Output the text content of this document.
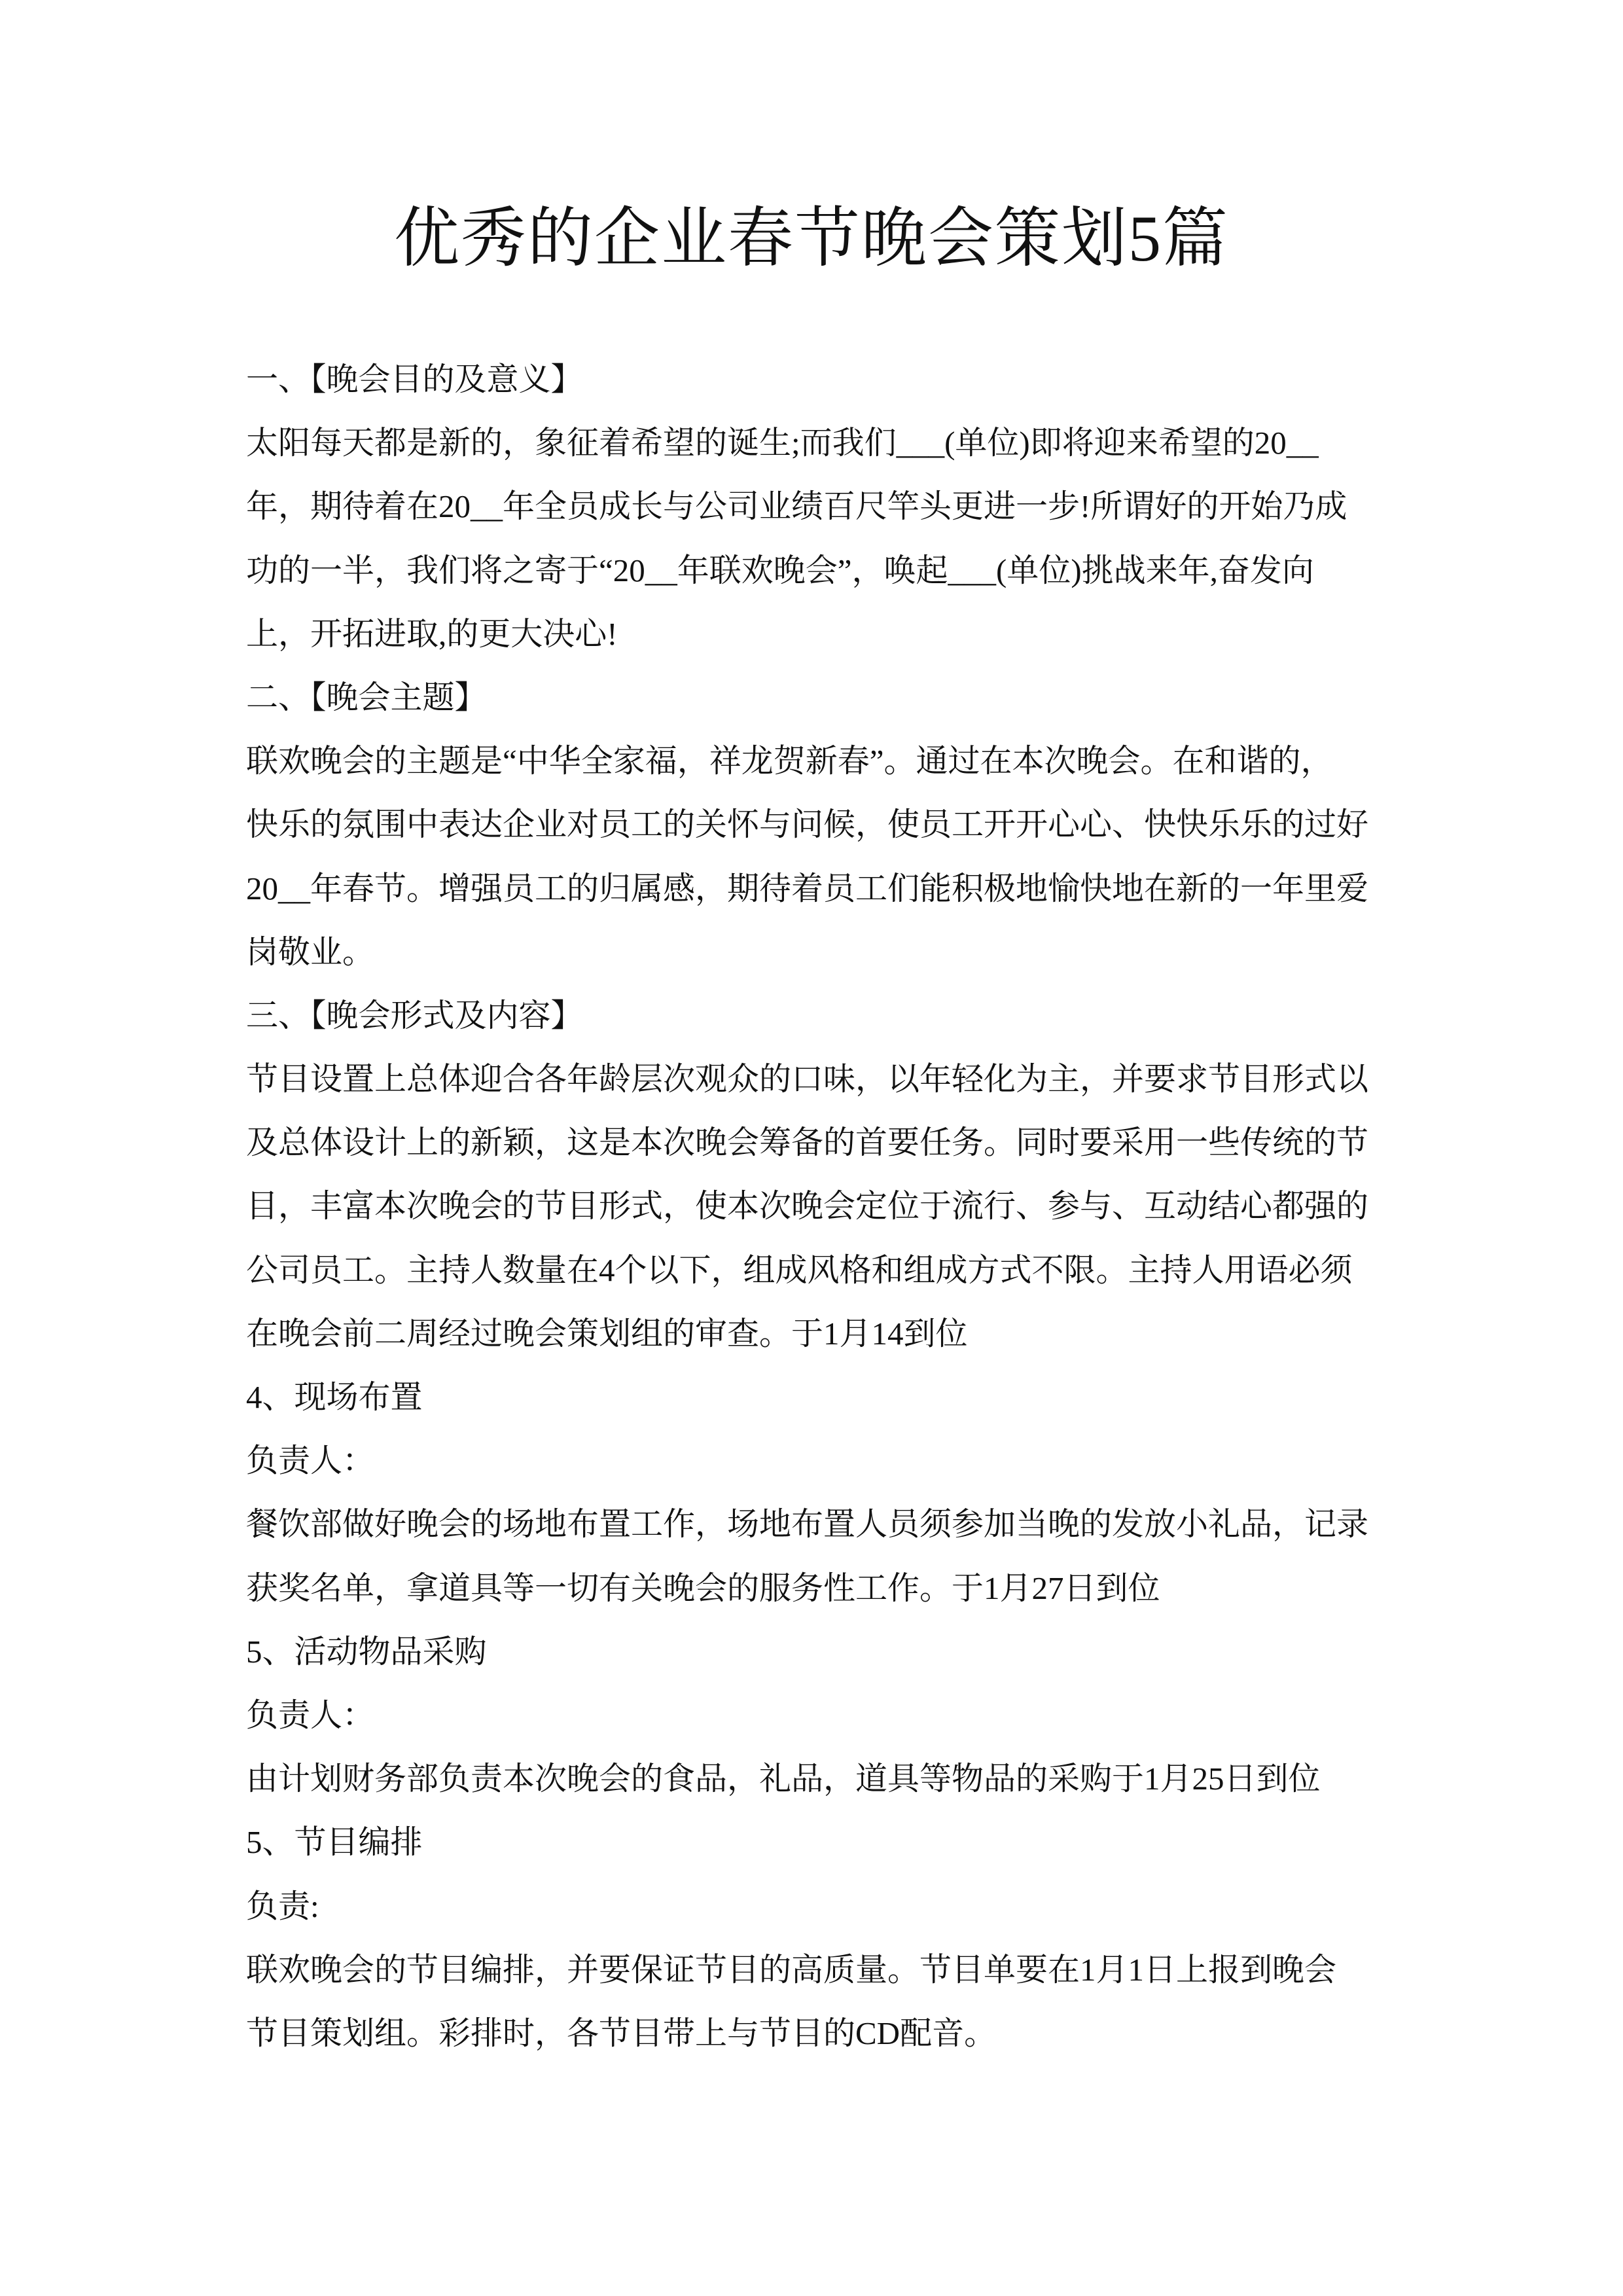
优秀的企业春节晚会策划5篇
一、【晚会目的及意义】
太阳每天都是新的，象征着希望的诞生;而我们___(单位)即将迎来希望的20__
年，期待着在20__年全员成长与公司业绩百尺竿头更进一步!所谓好的开始乃成
功的一半，我们将之寄于“20__年联欢晚会”，唤起___(单位)挑战来年,奋发向
上，开拓进取,的更大决心!
二、【晚会主题】
联欢晚会的主题是“中华全家福，祥龙贺新春”。通过在本次晚会。在和谐的，
快乐的氛围中表达企业对员工的关怀与问候，使员工开开心心、快快乐乐的过好
20__年春节。增强员工的归属感，期待着员工们能积极地愉快地在新的一年里爱
岗敬业。
三、【晚会形式及内容】
节目设置上总体迎合各年龄层次观众的口味，以年轻化为主，并要求节目形式以
及总体设计上的新颖，这是本次晚会筹备的首要任务。同时要采用一些传统的节
目，丰富本次晚会的节目形式，使本次晚会定位于流行、参与、互动结心都强的
公司员工。主持人数量在4个以下，组成风格和组成方式不限。主持人用语必须
在晚会前二周经过晚会策划组的审查。于1月14到位
4、现场布置
负责人：
餐饮部做好晚会的场地布置工作，场地布置人员须参加当晚的发放小礼品，记录
获奖名单，拿道具等一切有关晚会的服务性工作。于1月27日到位
5、活动物品采购
负责人：
由计划财务部负责本次晚会的食品，礼品，道具等物品的采购于1月25日到位
5、节目编排
负责:
联欢晚会的节目编排，并要保证节目的高质量。节目单要在1月1日上报到晚会
节目策划组。彩排时，各节目带上与节目的CD配音。
